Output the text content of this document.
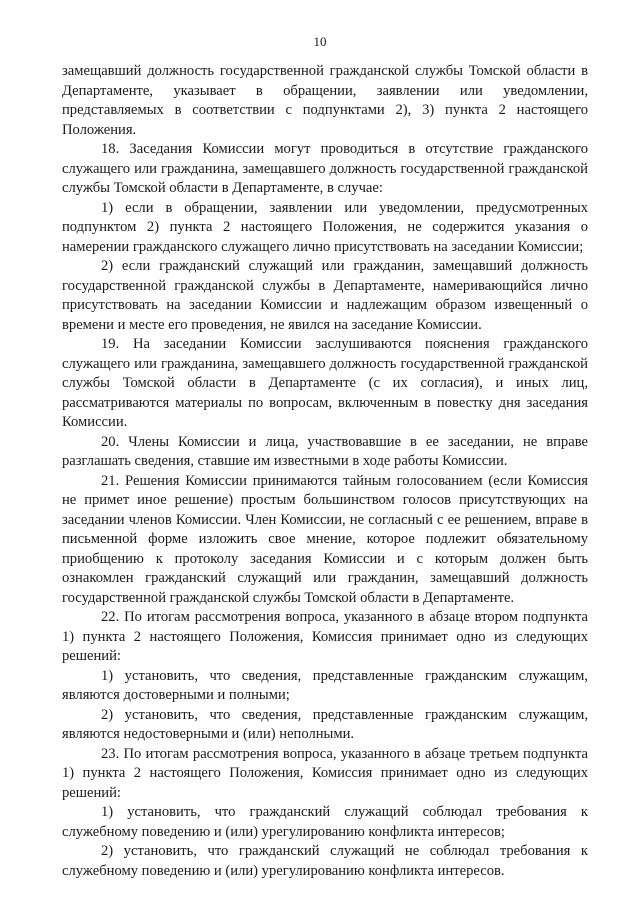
10

замещавший должность государственной гражданской службы Томской области в Департаменте, указывает в обращении, заявлении или уведомлении, представляемых в соответствии с подпунктами 2), 3) пункта 2 настоящего Положения.

18. Заседания Комиссии могут проводиться в отсутствие гражданского служащего или гражданина, замещавшего должность государственной гражданской службы Томской области в Департаменте, в случае:

1) если в обращении, заявлении или уведомлении, предусмотренных подпунктом 2) пункта 2 настоящего Положения, не содержится указания о намерении гражданского служащего лично присутствовать на заседании Комиссии;

2) если гражданский служащий или гражданин, замещавший должность государственной гражданской службы в Департаменте, намеривающийся лично присутствовать на заседании Комиссии и надлежащим образом извещенный о времени и месте его проведения, не явился на заседание Комиссии.

19. На заседании Комиссии заслушиваются пояснения гражданского служащего или гражданина, замещавшего должность государственной гражданской службы Томской области в Департаменте (с их согласия), и иных лиц, рассматриваются материалы по вопросам, включенным в повестку дня заседания Комиссии.

20. Члены Комиссии и лица, участвовавшие в ее заседании, не вправе разглашать сведения, ставшие им известными в ходе работы Комиссии.

21. Решения Комиссии принимаются тайным голосованием (если Комиссия не примет иное решение) простым большинством голосов присутствующих на заседании членов Комиссии. Член Комиссии, не согласный с ее решением, вправе в письменной форме изложить свое мнение, которое подлежит обязательному приобщению к протоколу заседания Комиссии и с которым должен быть ознакомлен гражданский служащий или гражданин, замещавший должность государственной гражданской службы Томской области в Департаменте.

22. По итогам рассмотрения вопроса, указанного в абзаце втором подпункта 1) пункта 2 настоящего Положения, Комиссия принимает одно из следующих решений:

1) установить, что сведения, представленные гражданским служащим, являются достоверными и полными;

2) установить, что сведения, представленные гражданским служащим, являются недостоверными и (или) неполными.

23. По итогам рассмотрения вопроса, указанного в абзаце третьем подпункта 1) пункта 2 настоящего Положения, Комиссия принимает одно из следующих решений:

1) установить, что гражданский служащий соблюдал требования к служебному поведению и (или) урегулированию конфликта интересов;

2) установить, что гражданский служащий не соблюдал требования к служебному поведению и (или) урегулированию конфликта интересов.
